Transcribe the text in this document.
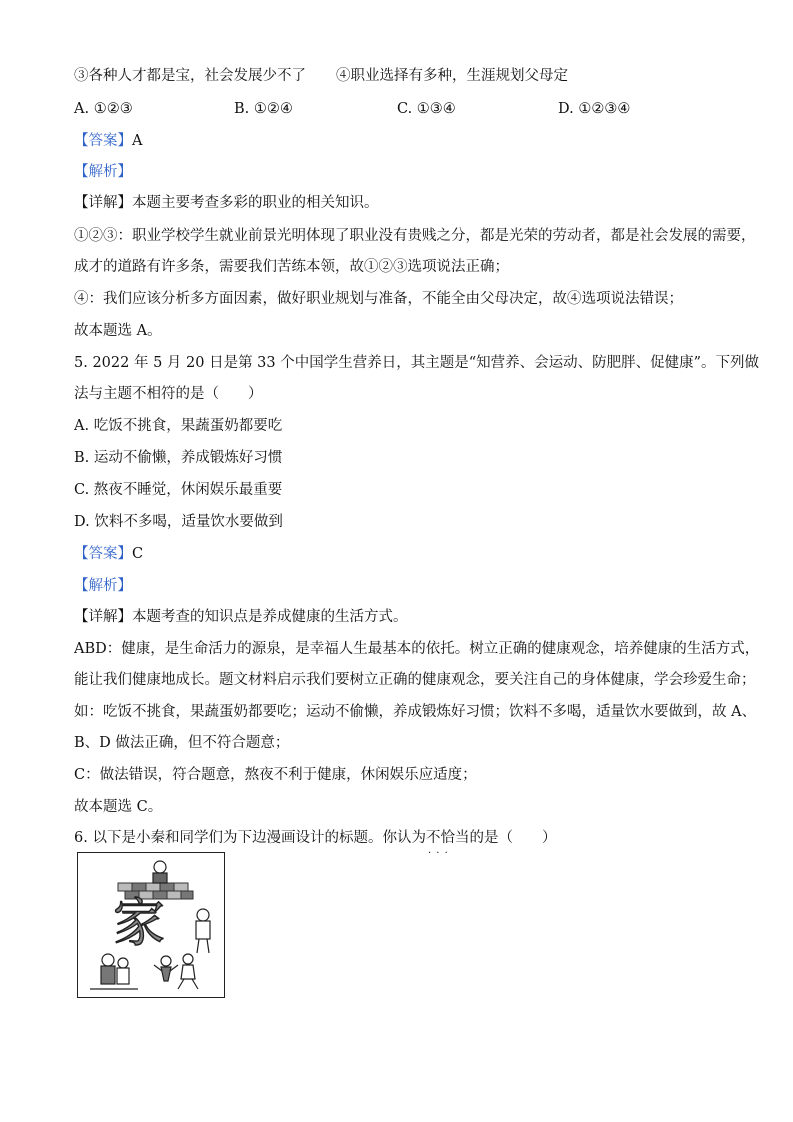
③各种人才都是宝，社会发展少不了 ④职业选择有多种，生涯规划父母定
A. ①②③	B. ①②④	C. ①③④	D. ①②③④
【答案】A
【解析】
【详解】本题主要考查多彩的职业的相关知识。
①②③：职业学校学生就业前景光明体现了职业没有贵贱之分，都是光荣的劳动者，都是社会发展的需要，
成才的道路有许多条，需要我们苦练本领，故①②③选项说法正确；
④：我们应该分析多方面因素，做好职业规划与准备，不能全由父母决定，故④选项说法错误；
故本题选 A。
5. 2022 年 5 月 20 日是第 33 个中国学生营养日，其主题是“知营养、会运动、防肥胖、促健康”。下列做
法与主题不相符的是（　　）
A. 吃饭不挑食，果蔬蛋奶都要吃
B. 运动不偷懒，养成锻炼好习惯
C. 熬夜不睡觉，休闲娱乐最重要
D. 饮料不多喝，适量饮水要做到
【答案】C
【解析】
【详解】本题考查的知识点是养成健康的生活方式。
ABD：健康，是生命活力的源泉，是幸福人生最基本的依托。树立正确的健康观念，培养健康的生活方式，
能让我们健康地成长。题文材料启示我们要树立正确的健康观念，要关注自己的身体健康，学会珍爱生命；
如：吃饭不挑食，果蔬蛋奶都要吃；运动不偷懒，养成锻炼好习惯；饮料不多喝，适量饮水要做到，故 A、
B、D 做法正确，但不符合题意；
C：做法错误，符合题意，熬夜不利于健康，休闲娱乐应适度；
故本题选 C。
6. 以下是小秦和同学们为下边漫画设计的标题。你认为不恰当 · · ·的是（　　）
家
